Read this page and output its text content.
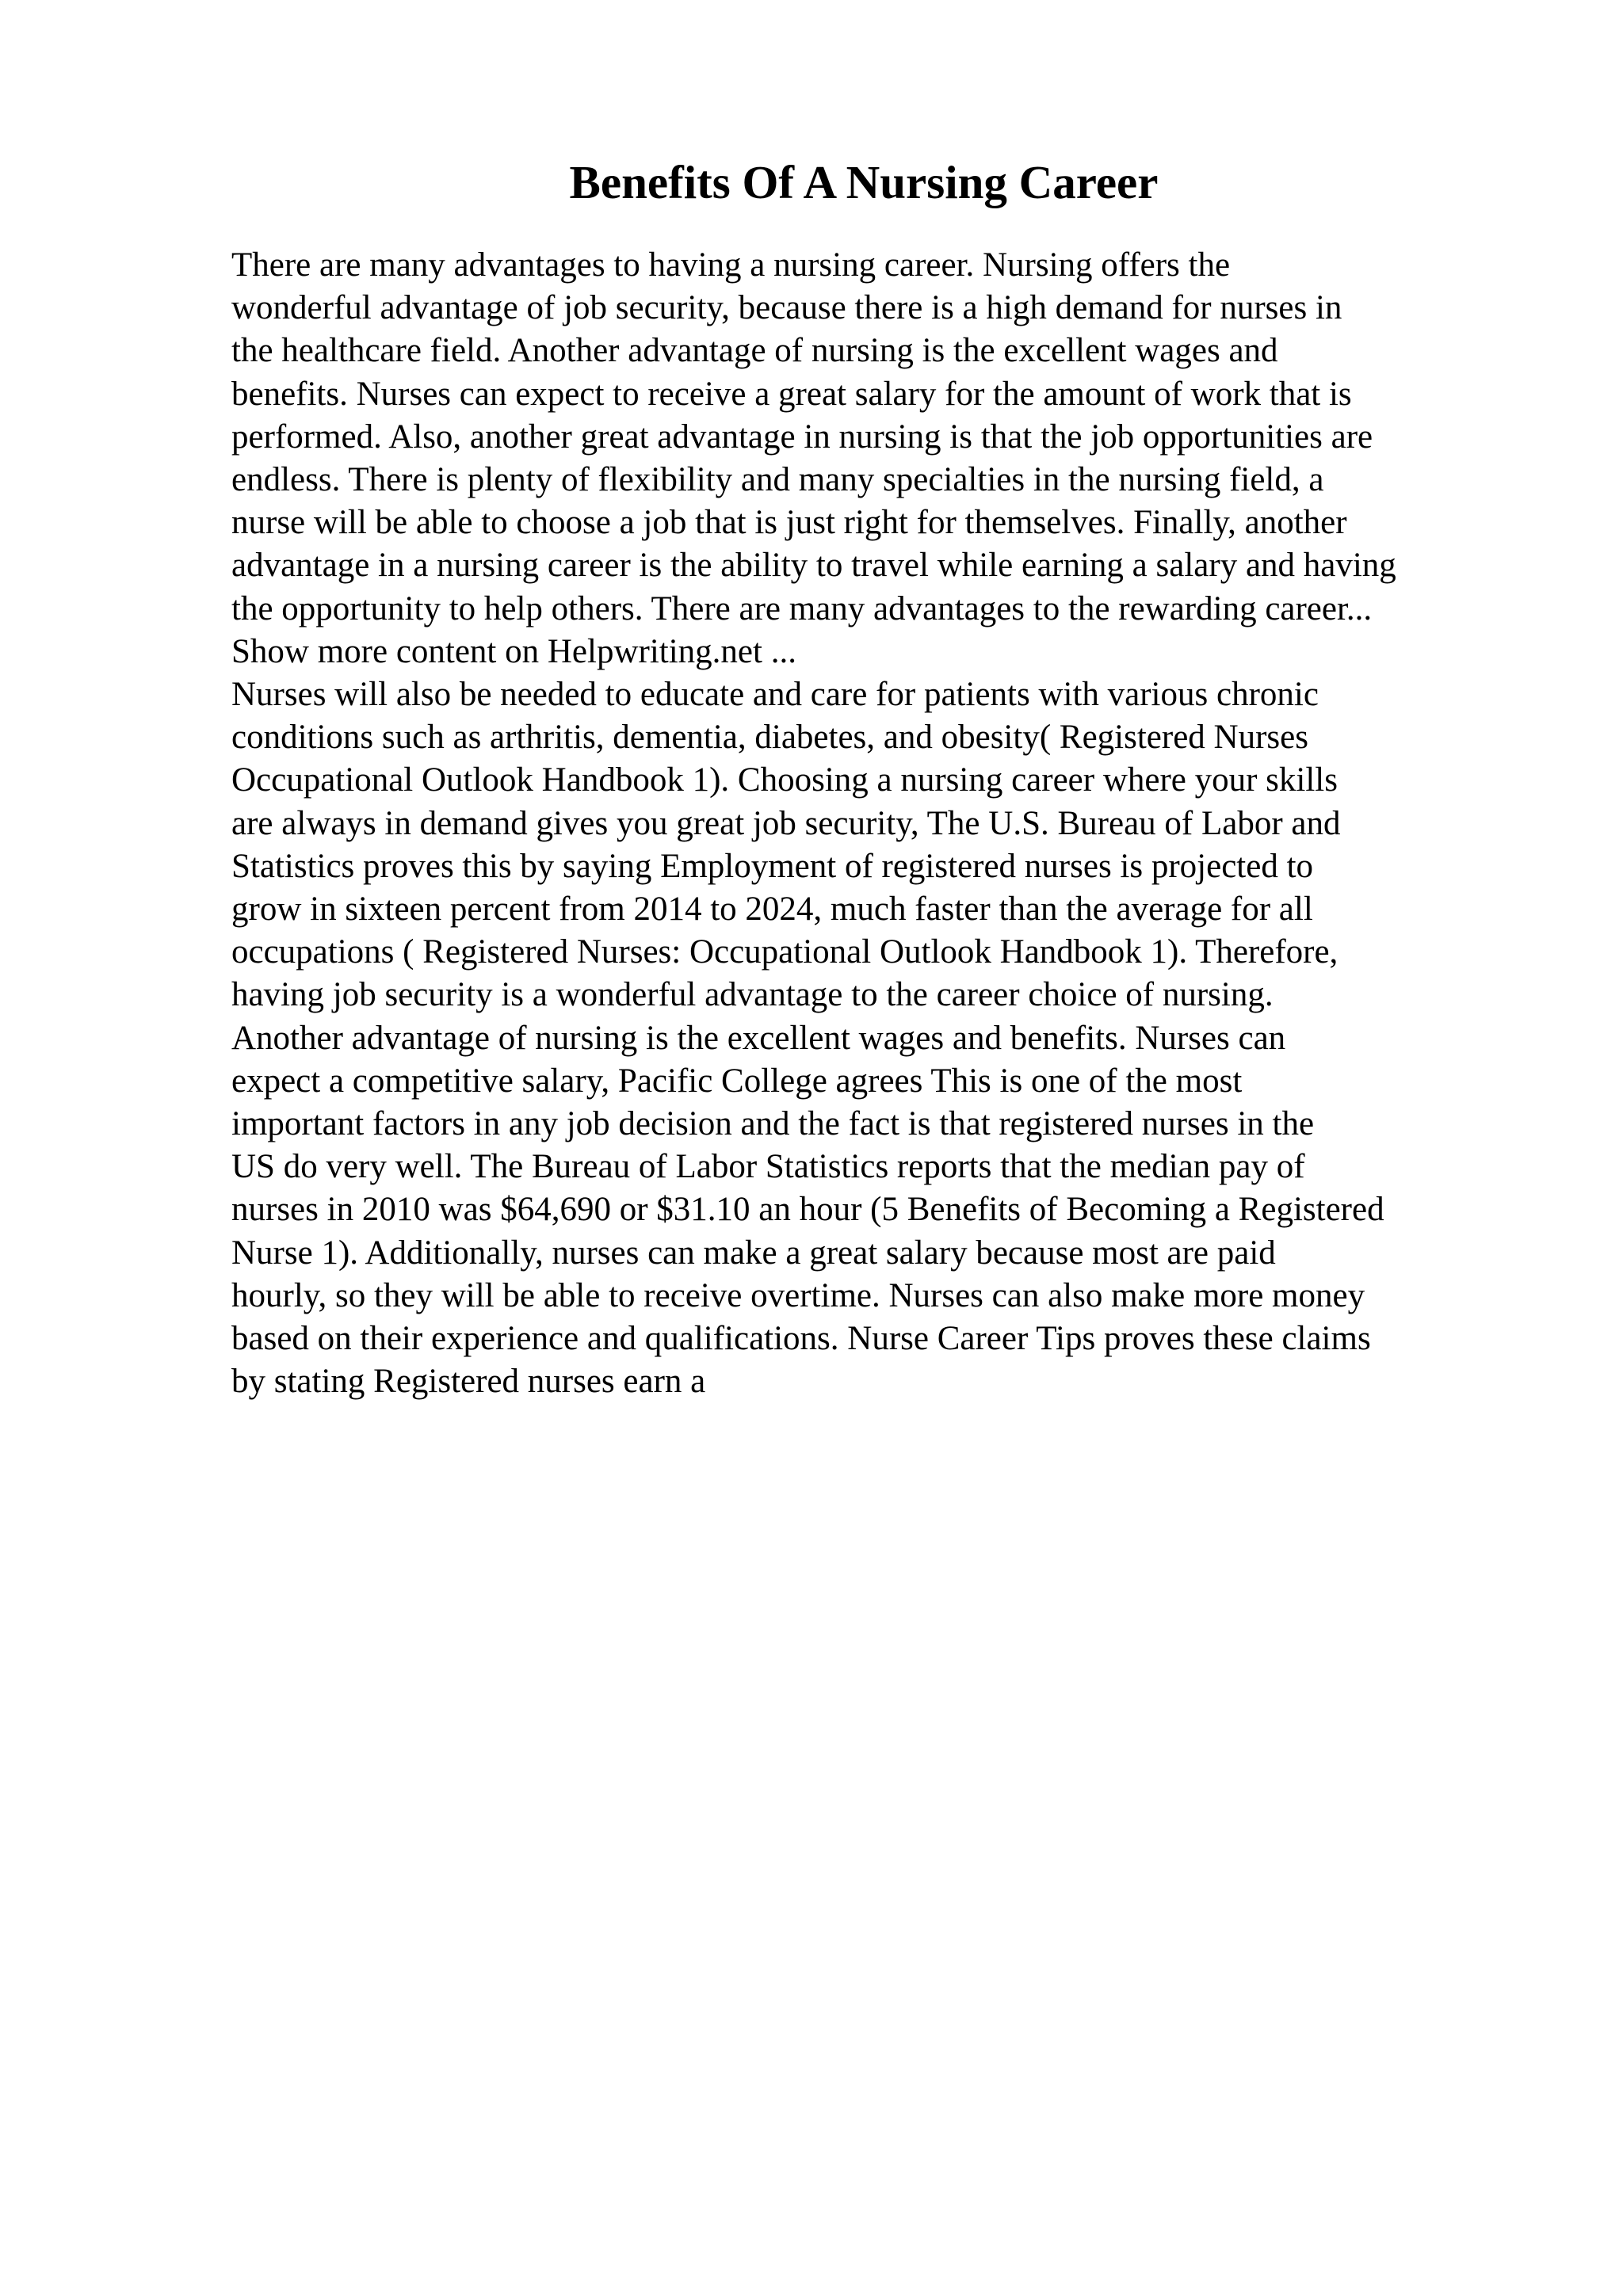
Benefits Of A Nursing Career
There are many advantages to having a nursing career. Nursing offers the
wonderful advantage of job security, because there is a high demand for nurses in
the healthcare field. Another advantage of nursing is the excellent wages and
benefits. Nurses can expect to receive a great salary for the amount of work that is
performed. Also, another great advantage in nursing is that the job opportunities are
endless. There is plenty of flexibility and many specialties in the nursing field, a
nurse will be able to choose a job that is just right for themselves. Finally, another
advantage in a nursing career is the ability to travel while earning a salary and having
the opportunity to help others. There are many advantages to the rewarding career...
Show more content on Helpwriting.net ...
Nurses will also be needed to educate and care for patients with various chronic
conditions such as arthritis, dementia, diabetes, and obesity( Registered Nurses
Occupational Outlook Handbook 1). Choosing a nursing career where your skills
are always in demand gives you great job security, The U.S. Bureau of Labor and
Statistics proves this by saying Employment of registered nurses is projected to
grow in sixteen percent from 2014 to 2024, much faster than the average for all
occupations ( Registered Nurses: Occupational Outlook Handbook 1). Therefore,
having job security is a wonderful advantage to the career choice of nursing.
Another advantage of nursing is the excellent wages and benefits. Nurses can
expect a competitive salary, Pacific College agrees This is one of the most
important factors in any job decision and the fact is that registered nurses in the
US do very well. The Bureau of Labor Statistics reports that the median pay of
nurses in 2010 was $64,690 or $31.10 an hour (5 Benefits of Becoming a Registered
Nurse 1). Additionally, nurses can make a great salary because most are paid
hourly, so they will be able to receive overtime. Nurses can also make more money
based on their experience and qualifications. Nurse Career Tips proves these claims
by stating Registered nurses earn a
